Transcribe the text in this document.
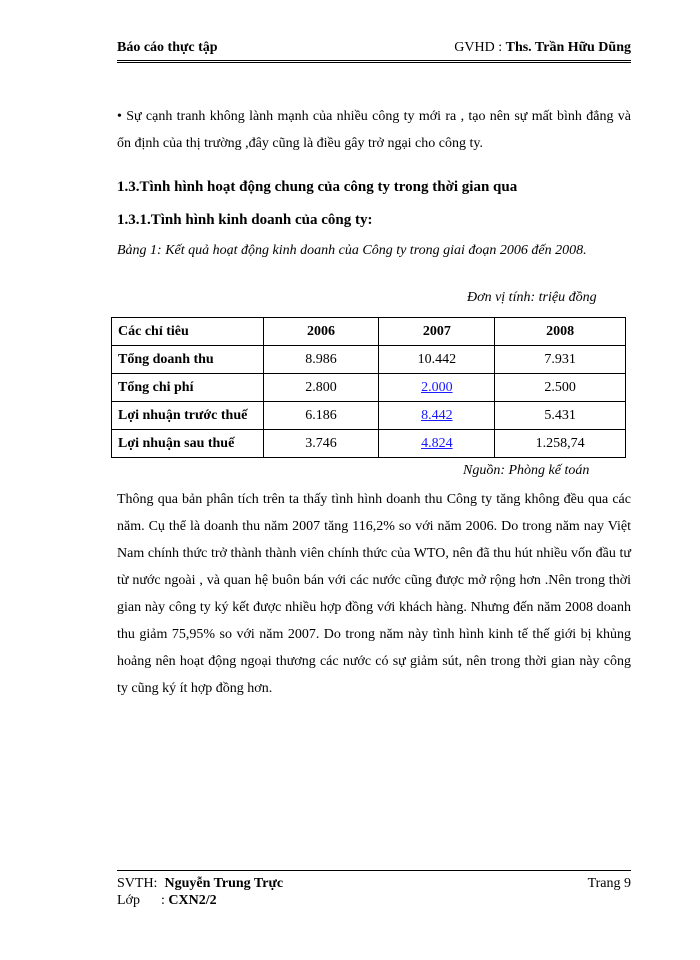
Báo cáo thực tập	GVHD : Ths. Trần Hữu Dũng

• Sự cạnh tranh không lành mạnh của nhiều công ty mới ra , tạo nên sự mất bình đẳng và ổn định của thị trường ,đây cũng là điều gây trở ngại cho công ty.

1.3.Tình hình hoạt động chung của công ty trong thời gian qua
1.3.1.Tình hình kinh doanh của công ty:
Bảng 1: Kết quả hoạt động kinh doanh của Công ty trong giai đoạn 2006 đến 2008.
Đơn vị tính: triệu đồng
Các chỉ tiêu	2006	2007	2008
Tổng doanh thu	8.986	10.442	7.931
Tổng chi phí	2.800	2.000	2.500
Lợi nhuận trước thuế	6.186	8.442	5.431
Lợi nhuận sau thuế	3.746	4.824	1.258,74
Nguồn: Phòng kế toán

Thông qua bản phân tích trên ta thấy tình hình doanh thu Công ty tăng không đều qua các năm. Cụ thể là doanh thu năm 2007 tăng 116,2% so với năm 2006. Do trong năm nay Việt Nam chính thức trở thành thành viên chính thức của WTO, nên đã thu hút nhiều vốn đầu tư từ nước ngoài , và quan hệ buôn bán với các nước cũng được mở rộng hơn .Nên trong thời gian này công ty ký kết được nhiều hợp đồng với khách hàng. Nhưng đến năm 2008 doanh thu giảm 75,95% so với năm 2007. Do trong năm này tình hình kinh tế thế giới bị khủng hoảng nên hoạt động ngoại thương các nước có sự giảm sút, nên trong thời gian này công ty cũng ký ít hợp đồng hơn.

SVTH: Nguyễn Trung Trực
Lớp : CXN2/2
Trang 9
